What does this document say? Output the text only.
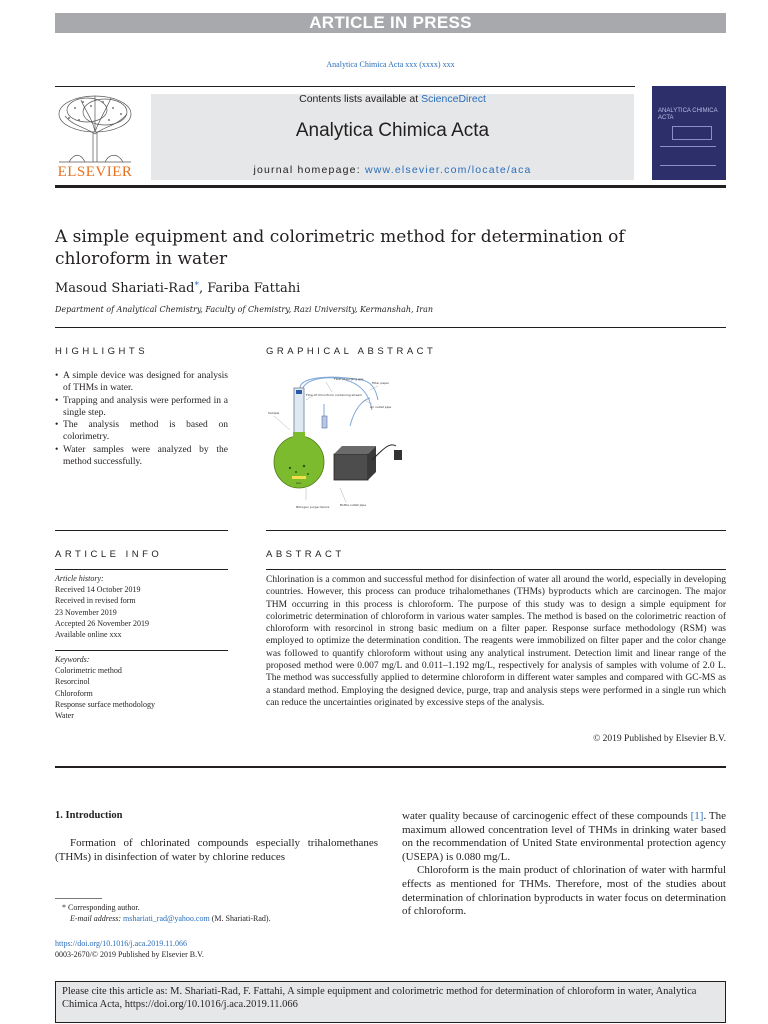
ARTICLE IN PRESS
Analytica Chimica Acta xxx (xxxx) xxx
ELSEVIER
Contents lists available at ScienceDirect
Analytica Chimica Acta
journal homepage: www.elsevier.com/locate/aca
ANALYTICA CHIMICA ACTA
A simple equipment and colorimetric method for determination of chloroform in water
Masoud Shariati-Rad*, Fariba Fattahi
Department of Analytical Chemistry, Faculty of Chemistry, Razi University, Kermanshah, Iran
HIGHLIGHTS
• A simple device was designed for analysis of THMs in water.
• Trapping and analysis were performed in a single step.
• The analysis method is based on colorimetry.
• Water samples were analyzed by the method successfully.
GRAPHICAL ABSTRACT
Sample
Flow of purging gas
Flow of chloroform containing stream
Filter paper
Air outlet pipe
Ger
Nitrogen purge device	Bottle outlet pipe
ARTICLE INFO
Article history:
Received 14 October 2019
Received in revised form
23 November 2019
Accepted 26 November 2019
Available online xxx
Keywords:
Colorimetric method
Resorcinol
Chloroform
Response surface methodology
Water
ABSTRACT
Chlorination is a common and successful method for disinfection of water all around the world, especially in developing countries. However, this process can produce trihalomethanes (THMs) byproducts which are carcinogen. The major THM occurring in this process is chloroform. The purpose of this study was to design a simple equipment for colorimetric determination of chloroform in various water samples. The method is based on the colorimetric reaction of chloroform with resorcinol in strong basic medium on a filter paper. Response surface methodology (RSM) was employed to optimize the determination condition. The reagents were immobilized on filter paper and the color change was followed to quantify chloroform without using any analytical instrument. Detection limit and linear range of the proposed method were 0.007 mg/L and 0.011–1.192 mg/L, respectively for analysis of samples with volume of 2.0 L. The method was successfully applied to determine chloroform in different water samples and compared with GC-MS as a standard method. Employing the designed device, purge, trap and analysis steps were performed in a single run which can reduce the uncertainties originated by excessive steps of the analysis.
© 2019 Published by Elsevier B.V.
1. Introduction
Formation of chlorinated compounds especially trihalomethanes (THMs) in disinfection of water by chlorine reduces
water quality because of carcinogenic effect of these compounds [1]. The maximum allowed concentration level of THMs in drinking water based on the recommendation of United State environmental protection agency (USEPA) is 0.080 mg/L.
Chloroform is the main product of chlorination of water with harmful effects as mentioned for THMs. Therefore, most of the studies about determination of chlorination byproducts in water focus on determination of chloroform.
* Corresponding author.
E-mail address: mshariati_rad@yahoo.com (M. Shariati-Rad).
https://doi.org/10.1016/j.aca.2019.11.066
0003-2670/© 2019 Published by Elsevier B.V.
Please cite this article as: M. Shariati-Rad, F. Fattahi, A simple equipment and colorimetric method for determination of chloroform in water, Analytica Chimica Acta, https://doi.org/10.1016/j.aca.2019.11.066
